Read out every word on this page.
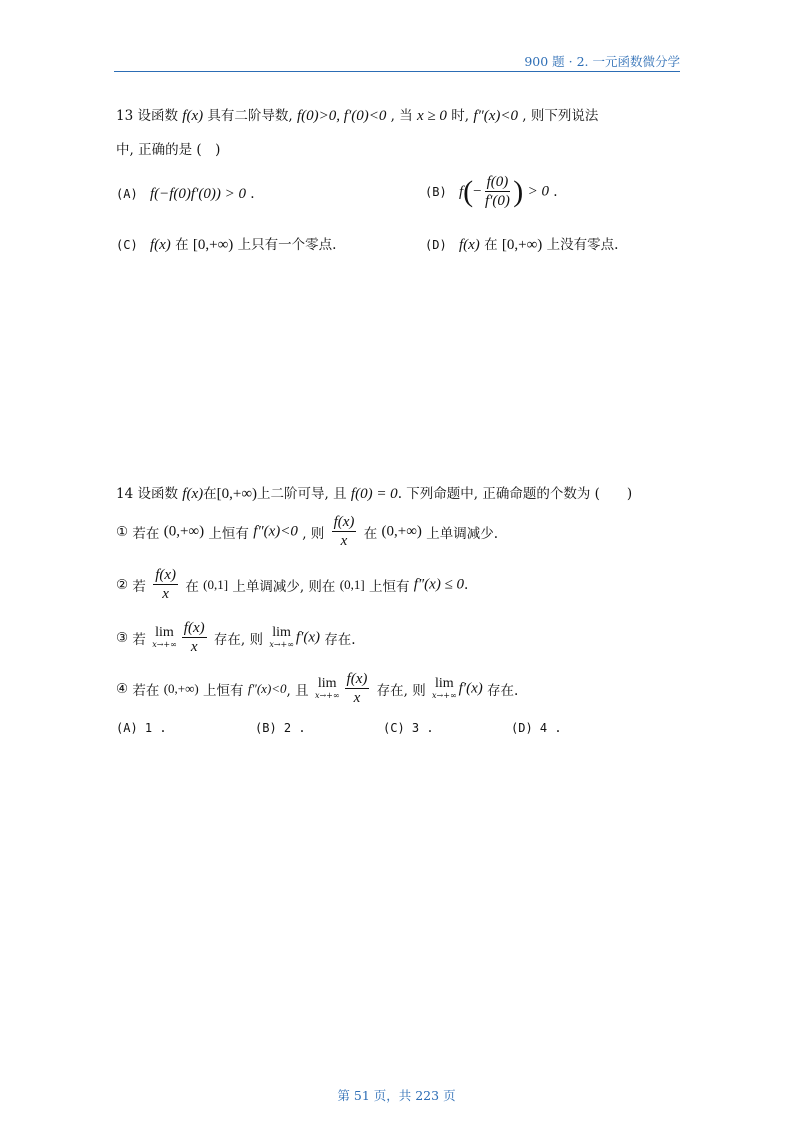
900 题 · 2. 一元函数微分学
13 设函数 f(x) 具有二阶导数, f(0)>0, f′(0)<0 , 当 x ≥ 0 时, f″(x)<0 , 则下列说法
中, 正确的是 (　)
(A) f(−f(0)f′(0)) > 0 .	(B) $f(- \frac{f(0)}{f'(0)}$ ) > 0 .
(C) f(x) 在 [0,+∞) 上只有一个零点.	(D) f(x) 在 [0,+∞) 上没有零点.
14 设函数 f(x)在[0,+∞)上二阶可导, 且 f(0) = 0. 下列命题中, 正确命题的个数为 (　　)
① 若在 (0,+∞) 上恒有 f″(x)<0 , 则 $\frac{f(x)}{x}$ 在 (0,+∞) 上单调减少.
② 若 $\frac{f(x)}{x}$ 在 (0,1] 上单调减少, 则在 (0,1] 上恒有 f″(x) ≤ 0.
③ 若 lim
$x\to+\infty \frac{f(x)}{x}$ 存在, 则 lim
x→+∞ f′(x) 存在.
④ 若在 (0,+∞) 上恒有 f″(x)<0, 且 lim
$x\to+\infty \frac{f(x)}{x}$ 存在, 则 lim
x→+∞ f′(x) 存在.
(A) 1 .	(B) 2 .	(C) 3 .	(D) 4 .
第 51 页，共 223 页
